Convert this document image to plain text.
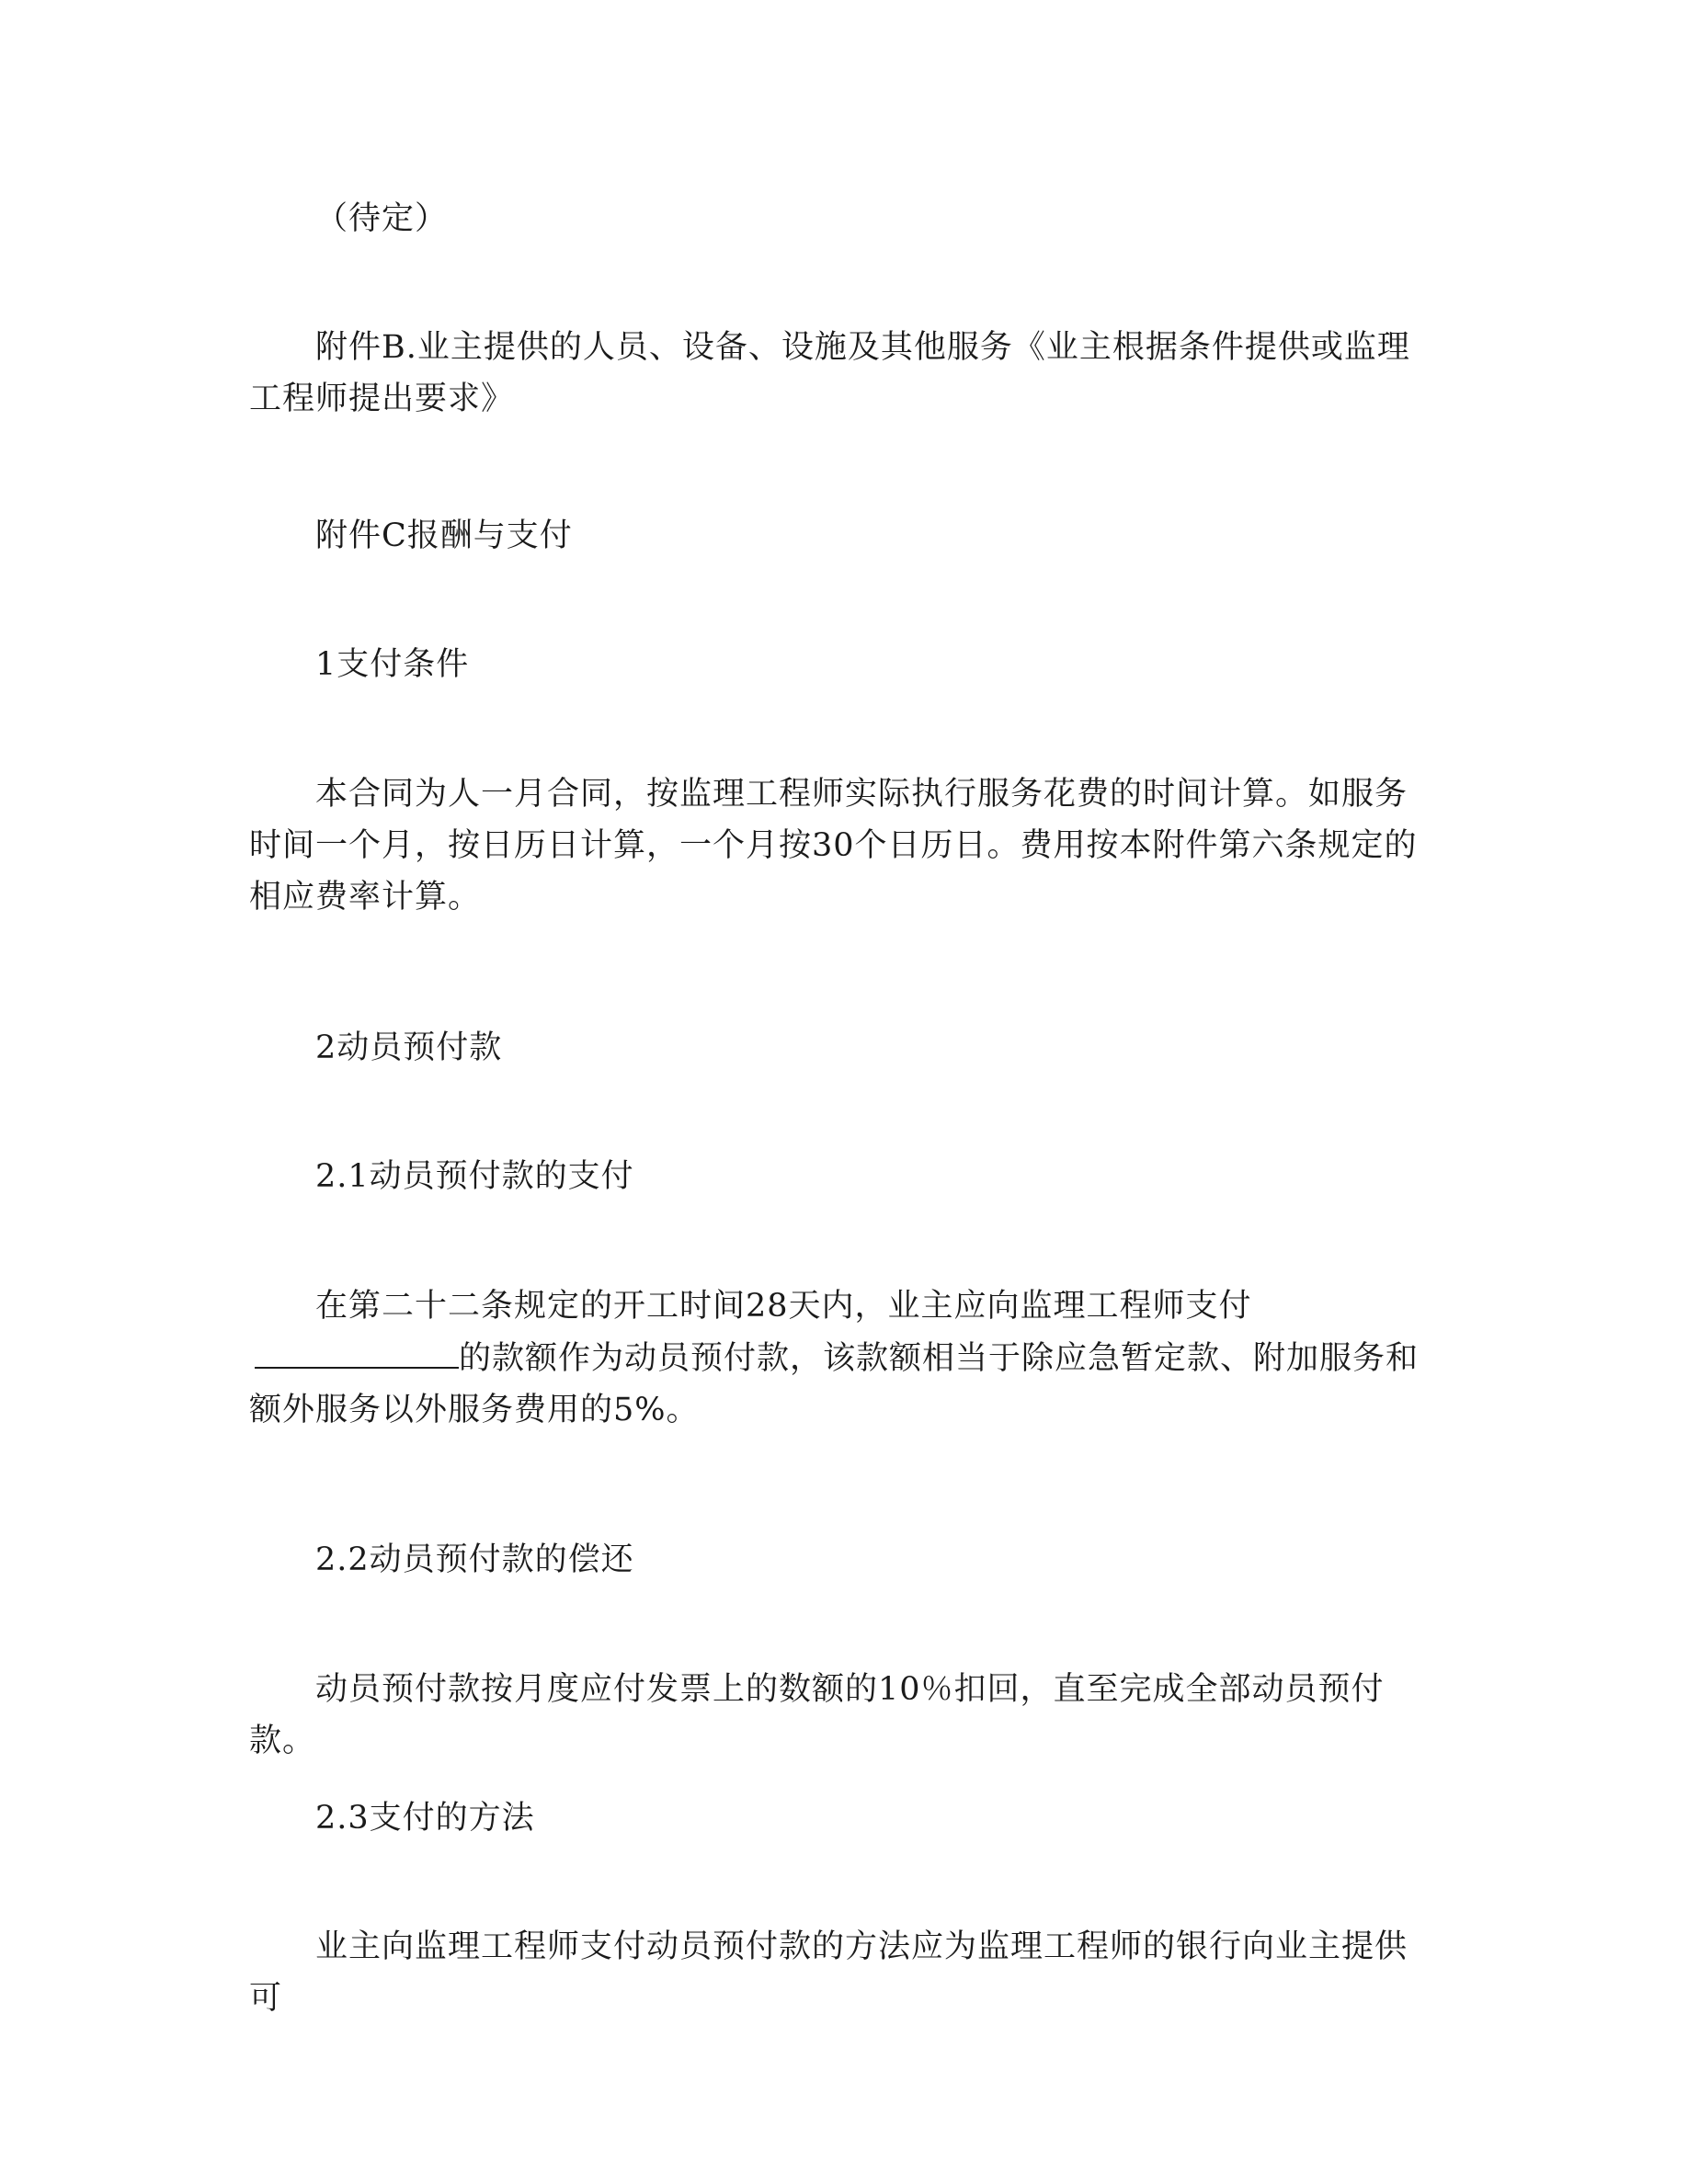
（待定）
附件B.业主提供的人员、设备、设施及其他服务《业主根据条件提供或监理工程师提出要求》
附件C报酬与支付
1支付条件
本合同为人一月合同，按监理工程师实际执行服务花费的时间计算。如服务时间一个月，按日历日计算，一个月按30个日历日。费用按本附件第六条规定的相应费率计算。
2动员预付款
2.1动员预付款的支付
在第二十二条规定的开工时间28天内，业主应向监理工程师支付的款额作为动员预付款，该款额相当于除应急暂定款、附加服务和额外服务以外服务费用的5%。
2.2动员预付款的偿还
动员预付款按月度应付发票上的数额的10％扣回，直至完成全部动员预付款。
2.3支付的方法
业主向监理工程师支付动员预付款的方法应为监理工程师的银行向业主提供可
